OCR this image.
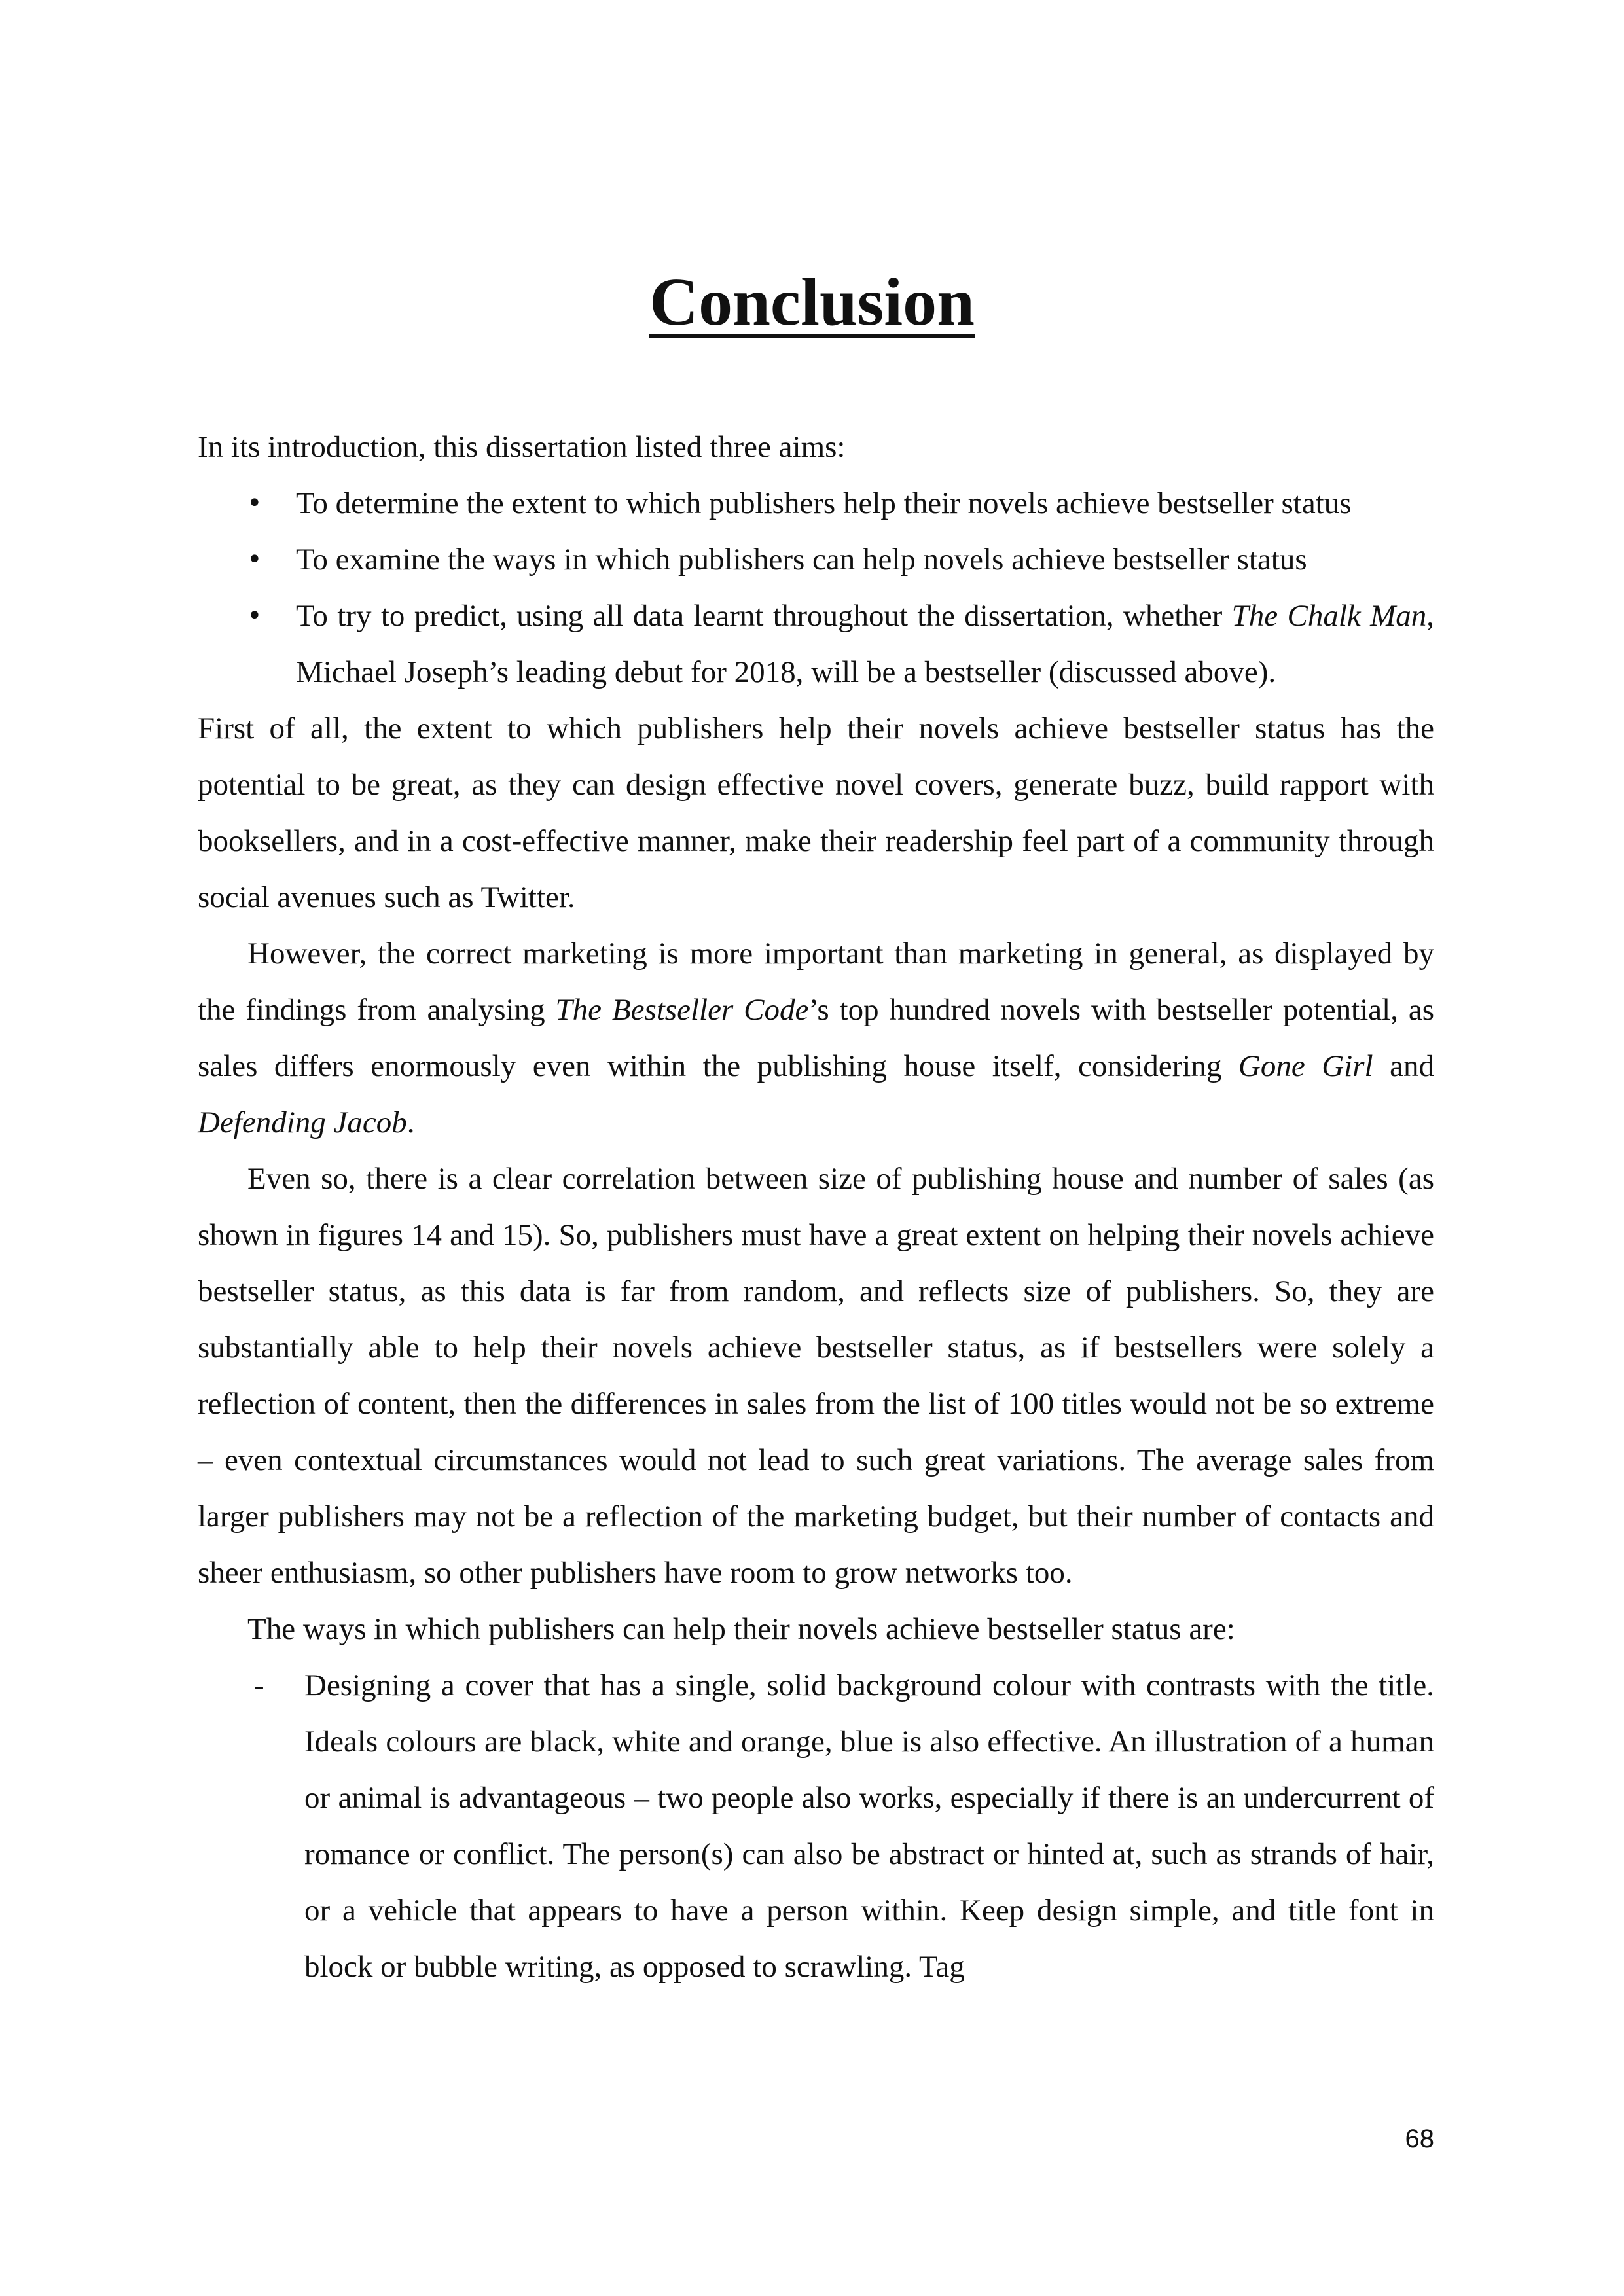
Conclusion

In its introduction, this dissertation listed three aims:

• To determine the extent to which publishers help their novels achieve bestseller status
• To examine the ways in which publishers can help novels achieve bestseller status
• To try to predict, using all data learnt throughout the dissertation, whether The Chalk Man, Michael Joseph’s leading debut for 2018, will be a bestseller (discussed above).

First of all, the extent to which publishers help their novels achieve bestseller status has the potential to be great, as they can design effective novel covers, generate buzz, build rapport with booksellers, and in a cost-effective manner, make their readership feel part of a community through social avenues such as Twitter.

However, the correct marketing is more important than marketing in general, as displayed by the findings from analysing The Bestseller Code’s top hundred novels with bestseller potential, as sales differs enormously even within the publishing house itself, considering Gone Girl and Defending Jacob.

Even so, there is a clear correlation between size of publishing house and number of sales (as shown in figures 14 and 15). So, publishers must have a great extent on helping their novels achieve bestseller status, as this data is far from random, and reflects size of publishers. So, they are substantially able to help their novels achieve bestseller status, as if bestsellers were solely a reflection of content, then the differences in sales from the list of 100 titles would not be so extreme – even contextual circumstances would not lead to such great variations. The average sales from larger publishers may not be a reflection of the marketing budget, but their number of contacts and sheer enthusiasm, so other publishers have room to grow networks too.

The ways in which publishers can help their novels achieve bestseller status are:

- Designing a cover that has a single, solid background colour with contrasts with the title. Ideals colours are black, white and orange, blue is also effective. An illustration of a human or animal is advantageous – two people also works, especially if there is an undercurrent of romance or conflict. The person(s) can also be abstract or hinted at, such as strands of hair, or a vehicle that appears to have a person within. Keep design simple, and title font in block or bubble writing, as opposed to scrawling. Tag
68
